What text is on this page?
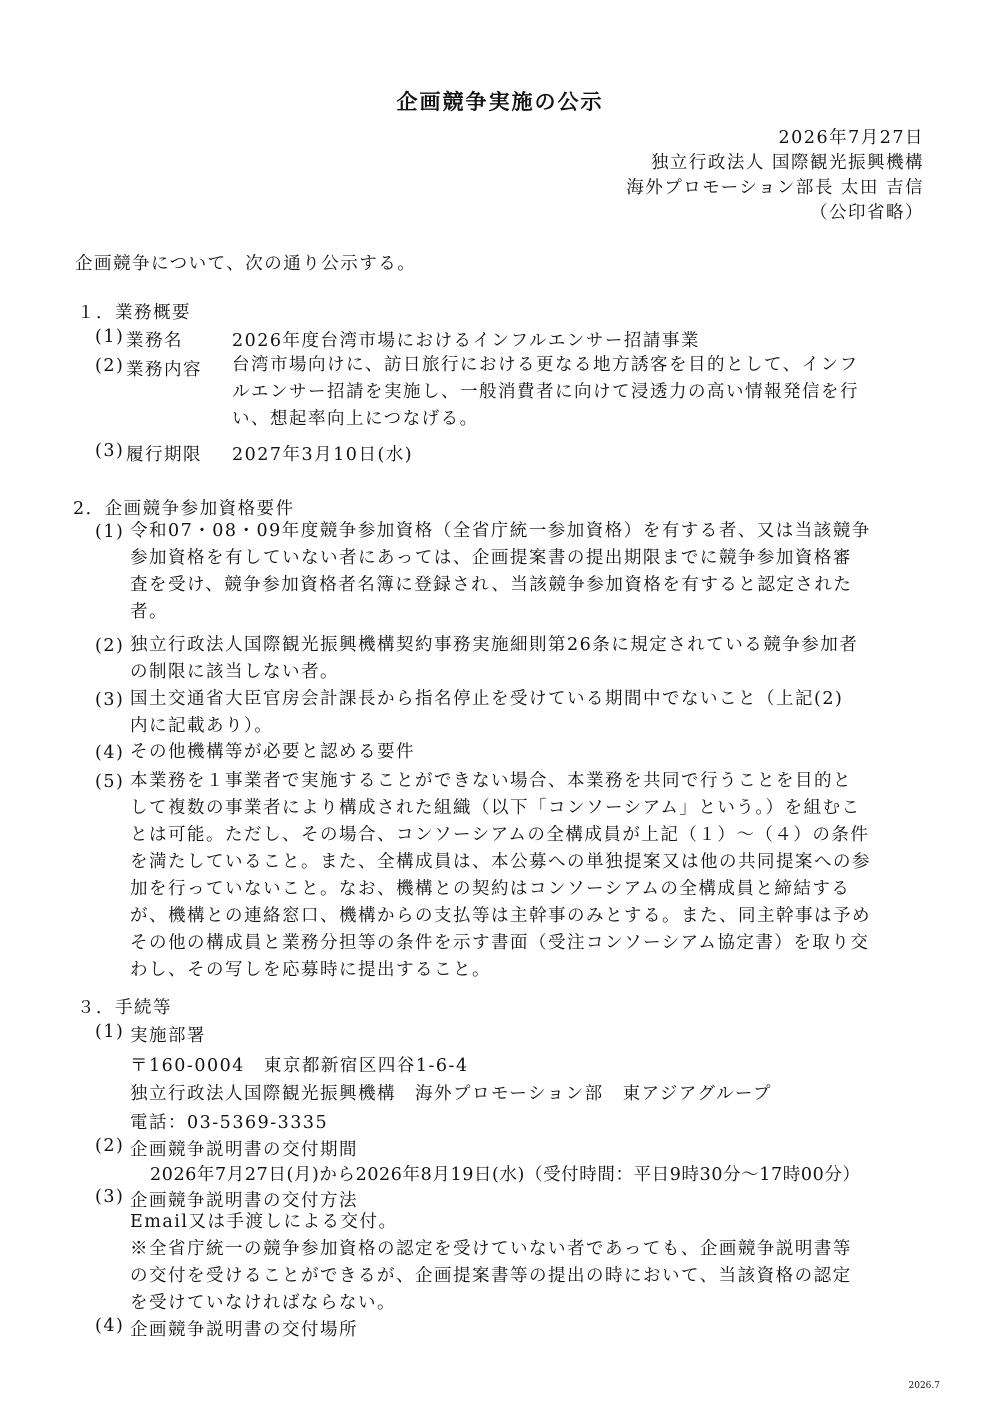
企画競争実施の公示
2026年7月27日
独立行政法人 国際観光振興機構
海外プロモーション部長 太田 吉信
（公印省略）
企画競争について、次の通り公示する。
１．業務概要
(1) 業務名	2026年度台湾市場におけるインフルエンサー招請事業
(2) 業務内容 台湾市場向けに、訪日旅行における更なる地方誘客を目的として、インフ
ルエンサー招請を実施し、一般消費者に向けて浸透力の高い情報発信を行
い、想起率向上につなげる。
(3) 履行期限 2027年3月10日(水)
2．企画競争参加資格要件
(1) 令和07・08・09年度競争参加資格（全省庁統一参加資格）を有する者、又は当該競争
参加資格を有していない者にあっては、企画提案書の提出期限までに競争参加資格審
査を受け、競争参加資格者名簿に登録され、当該競争参加資格を有すると認定された
者。
(2) 独立行政法人国際観光振興機構契約事務実施細則第26条に規定されている競争参加者
の制限に該当しない者。
(3) 国土交通省大臣官房会計課長から指名停止を受けている期間中でないこと（上記(2)
内に記載あり）。
(4) その他機構等が必要と認める要件
(5) 本業務を１事業者で実施することができない場合、本業務を共同で行うことを目的と
して複数の事業者により構成された組織（以下「コンソーシアム」という。）を組むこ
とは可能。ただし、その場合、コンソーシアムの全構成員が上記（１）～（４）の条件
を満たしていること。また、全構成員は、本公募への単独提案又は他の共同提案への参
加を行っていないこと。なお、機構との契約はコンソーシアムの全構成員と締結する
が、機構との連絡窓口、機構からの支払等は主幹事のみとする。また、同主幹事は予め
その他の構成員と業務分担等の条件を示す書面（受注コンソーシアム協定書）を取り交
わし、その写しを応募時に提出すること。
３．手続等
(1) 実施部署
〒160-0004　東京都新宿区四谷1-6-4
独立行政法人国際観光振興機構　海外プロモーション部　東アジアグループ
電話：03-5369-3335
(2) 企画競争説明書の交付期間
2026年7月27日(月)から2026年8月19日(水)（受付時間：平日9時30分～17時00分）
(3) 企画競争説明書の交付方法
Email又は手渡しによる交付。
※全省庁統一の競争参加資格の認定を受けていない者であっても、企画競争説明書等
の交付を受けることができるが、企画提案書等の提出の時において、当該資格の認定
を受けていなければならない。
(4) 企画競争説明書の交付場所
2026.7
